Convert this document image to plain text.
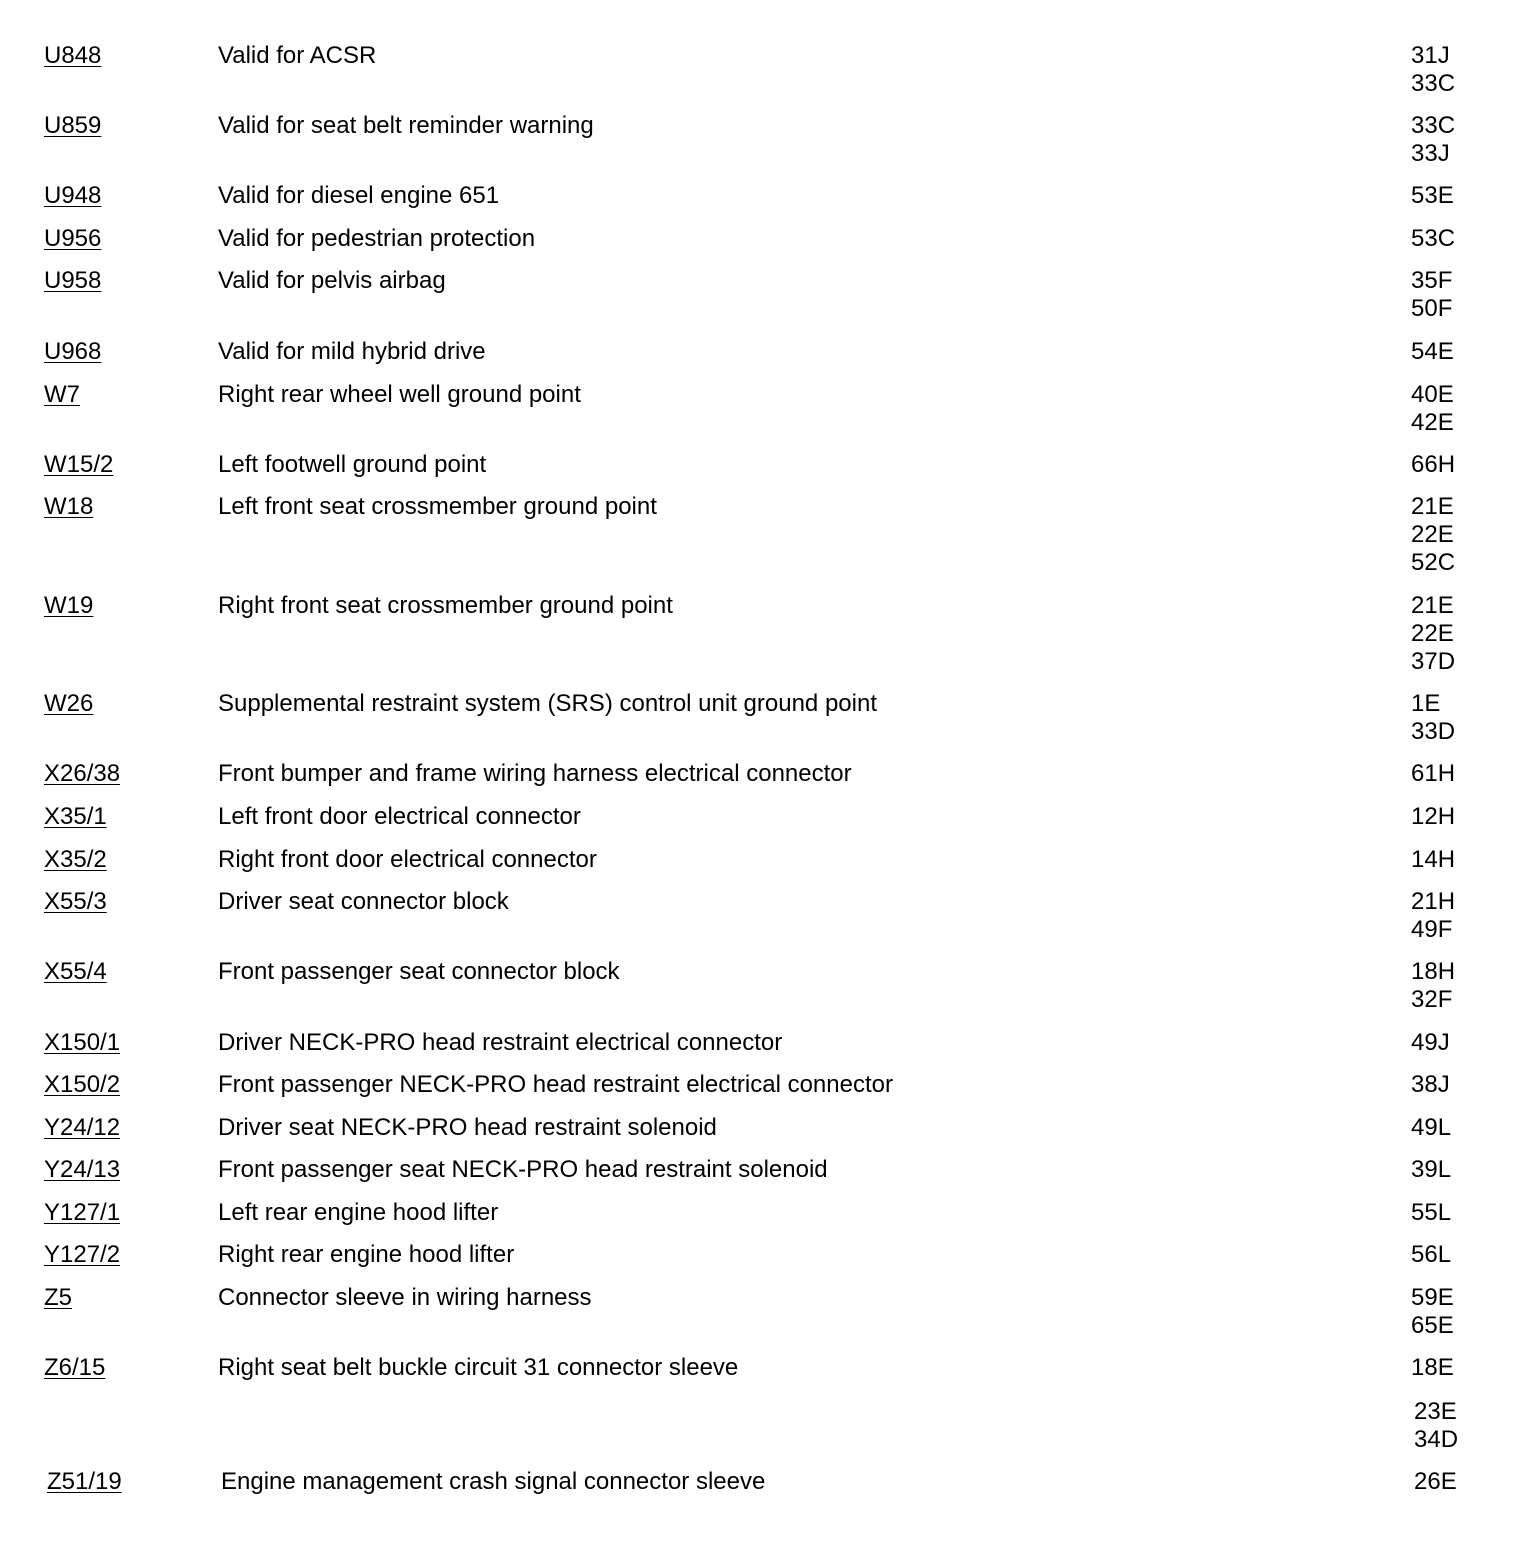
U848	Valid for ACSR	31J
33C
U859	Valid for seat belt reminder warning	33C
33J
U948	Valid for diesel engine 651	53E
U956	Valid for pedestrian protection	53C
U958	Valid for pelvis airbag	35F
50F
U968	Valid for mild hybrid drive	54E
W7	Right rear wheel well ground point	40E
42E
W15/2	Left footwell ground point	66H
W18	Left front seat crossmember ground point	21E
22E
52C
W19	Right front seat crossmember ground point	21E
22E
37D
W26	Supplemental restraint system (SRS) control unit ground point	1E
33D
X26/38	Front bumper and frame wiring harness electrical connector	61H
X35/1	Left front door electrical connector	12H
X35/2	Right front door electrical connector	14H
X55/3	Driver seat connector block	21H
49F
X55/4	Front passenger seat connector block	18H
32F
X150/1	Driver NECK-PRO head restraint electrical connector	49J
X150/2	Front passenger NECK-PRO head restraint electrical connector	38J
Y24/12	Driver seat NECK-PRO head restraint solenoid	49L
Y24/13	Front passenger seat NECK-PRO head restraint solenoid	39L
Y127/1	Left rear engine hood lifter	55L
Y127/2	Right rear engine hood lifter	56L
Z5	Connector sleeve in wiring harness	59E
65E
Z6/15	Right seat belt buckle circuit 31 connector sleeve	18E
23E
34D
Z51/19	Engine management crash signal connector sleeve	26E
